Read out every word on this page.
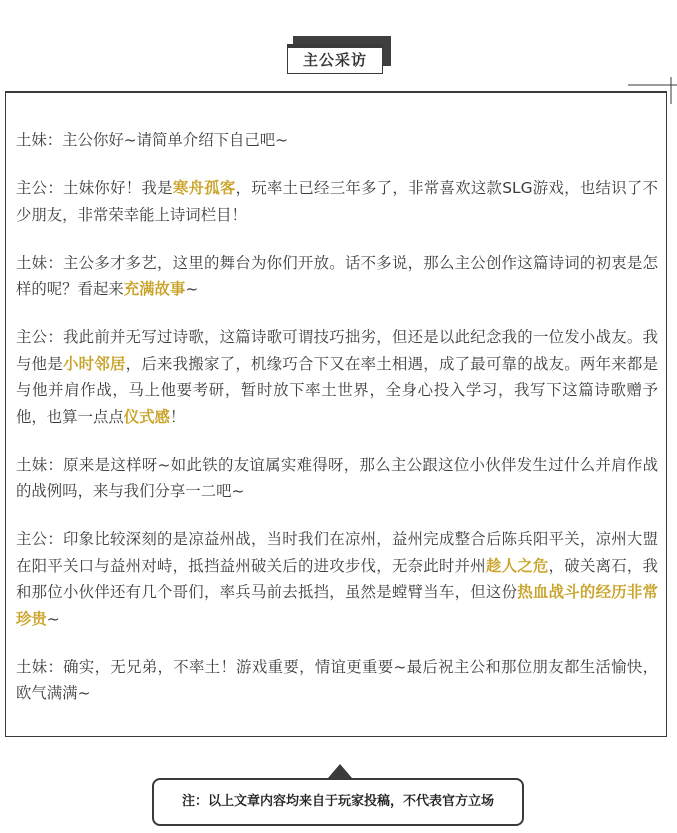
主公采访

土妹：主公你好~请简单介绍下自己吧~

主公：土妹你好！我是寒舟孤客，玩率土已经三年多了，非常喜欢这款SLG游戏，也结识了不少朋友，非常荣幸能上诗词栏目！

土妹：主公多才多艺，这里的舞台为你们开放。话不多说，那么主公创作这篇诗词的初衷是怎样的呢？看起来充满故事~

主公：我此前并无写过诗歌，这篇诗歌可谓技巧拙劣，但还是以此纪念我的一位发小战友。我与他是小时邻居，后来我搬家了，机缘巧合下又在率土相遇，成了最可靠的战友。两年来都是与他并肩作战，马上他要考研，暂时放下率土世界，全身心投入学习，我写下这篇诗歌赠予他，也算一点点仪式感！

土妹：原来是这样呀~如此铁的友谊属实难得呀，那么主公跟这位小伙伴发生过什么并肩作战的战例吗，来与我们分享一二吧~

主公：印象比较深刻的是凉益州战，当时我们在凉州，益州完成整合后陈兵阳平关，凉州大盟在阳平关口与益州对峙，抵挡益州破关后的进攻步伐，无奈此时并州趁人之危，破关离石，我和那位小伙伴还有几个哥们，率兵马前去抵挡，虽然是螳臂当车，但这份热血战斗的经历非常珍贵~

土妹：确实，无兄弟，不率土！游戏重要，情谊更重要~最后祝主公和那位朋友都生活愉快，欧气满满~

注：以上文章内容均来自于玩家投稿，不代表官方立场
